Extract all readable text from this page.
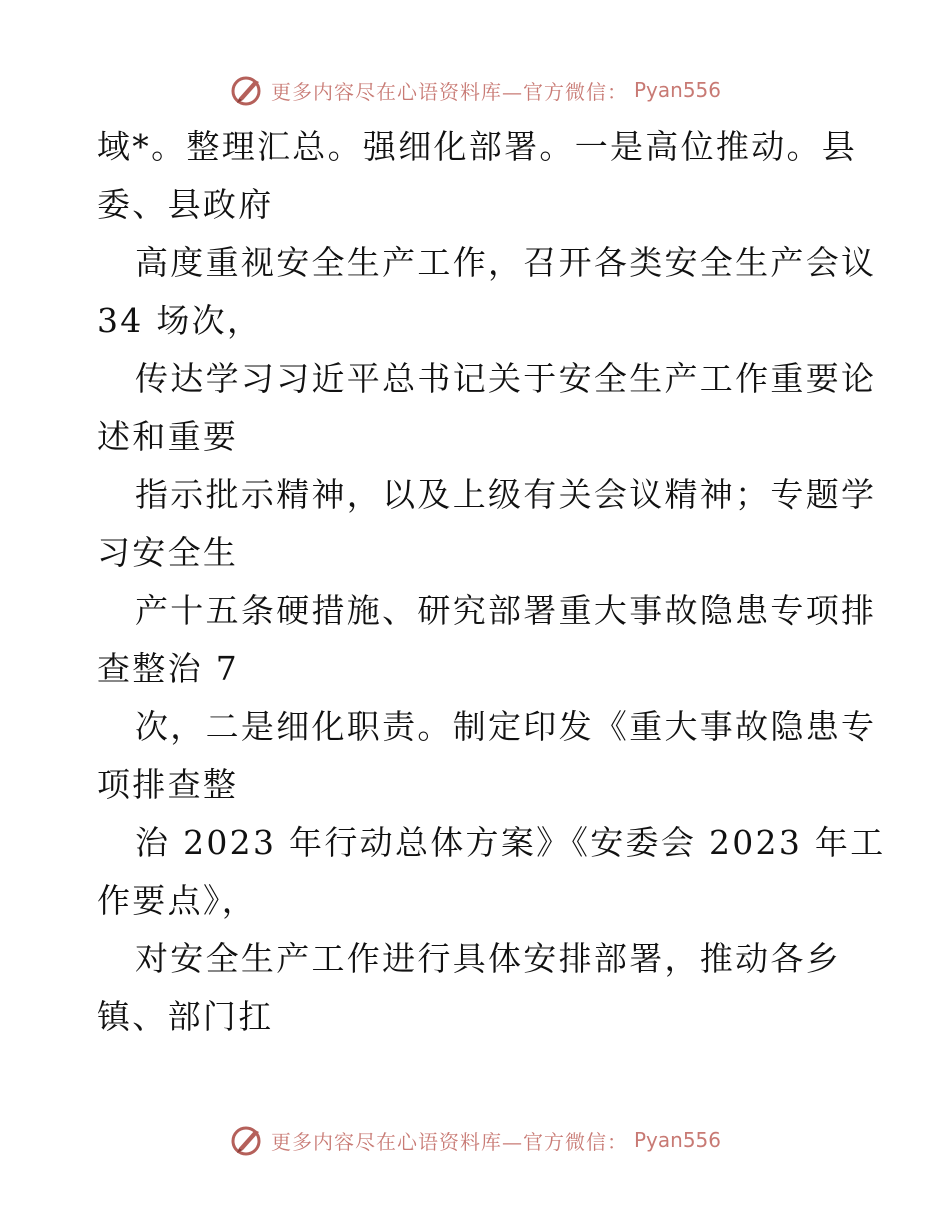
更多内容尽在心语资料库—官方微信： Pyan556
域*。整理汇总。强细化部署。一是高位推动。县
委、县政府
高度重视安全生产工作，召开各类安全生产会议
34 场次，
传达学习习近平总书记关于安全生产工作重要论
述和重要
指示批示精神，以及上级有关会议精神；专题学
习安全生
产十五条硬措施、研究部署重大事故隐患专项排
查整治 7
次，二是细化职责。制定印发《重大事故隐患专
项排查整
治 2023 年行动总体方案》《安委会 2023 年工
作要点》，
对安全生产工作进行具体安排部署，推动各乡
镇、部门扛
更多内容尽在心语资料库—官方微信： Pyan556
